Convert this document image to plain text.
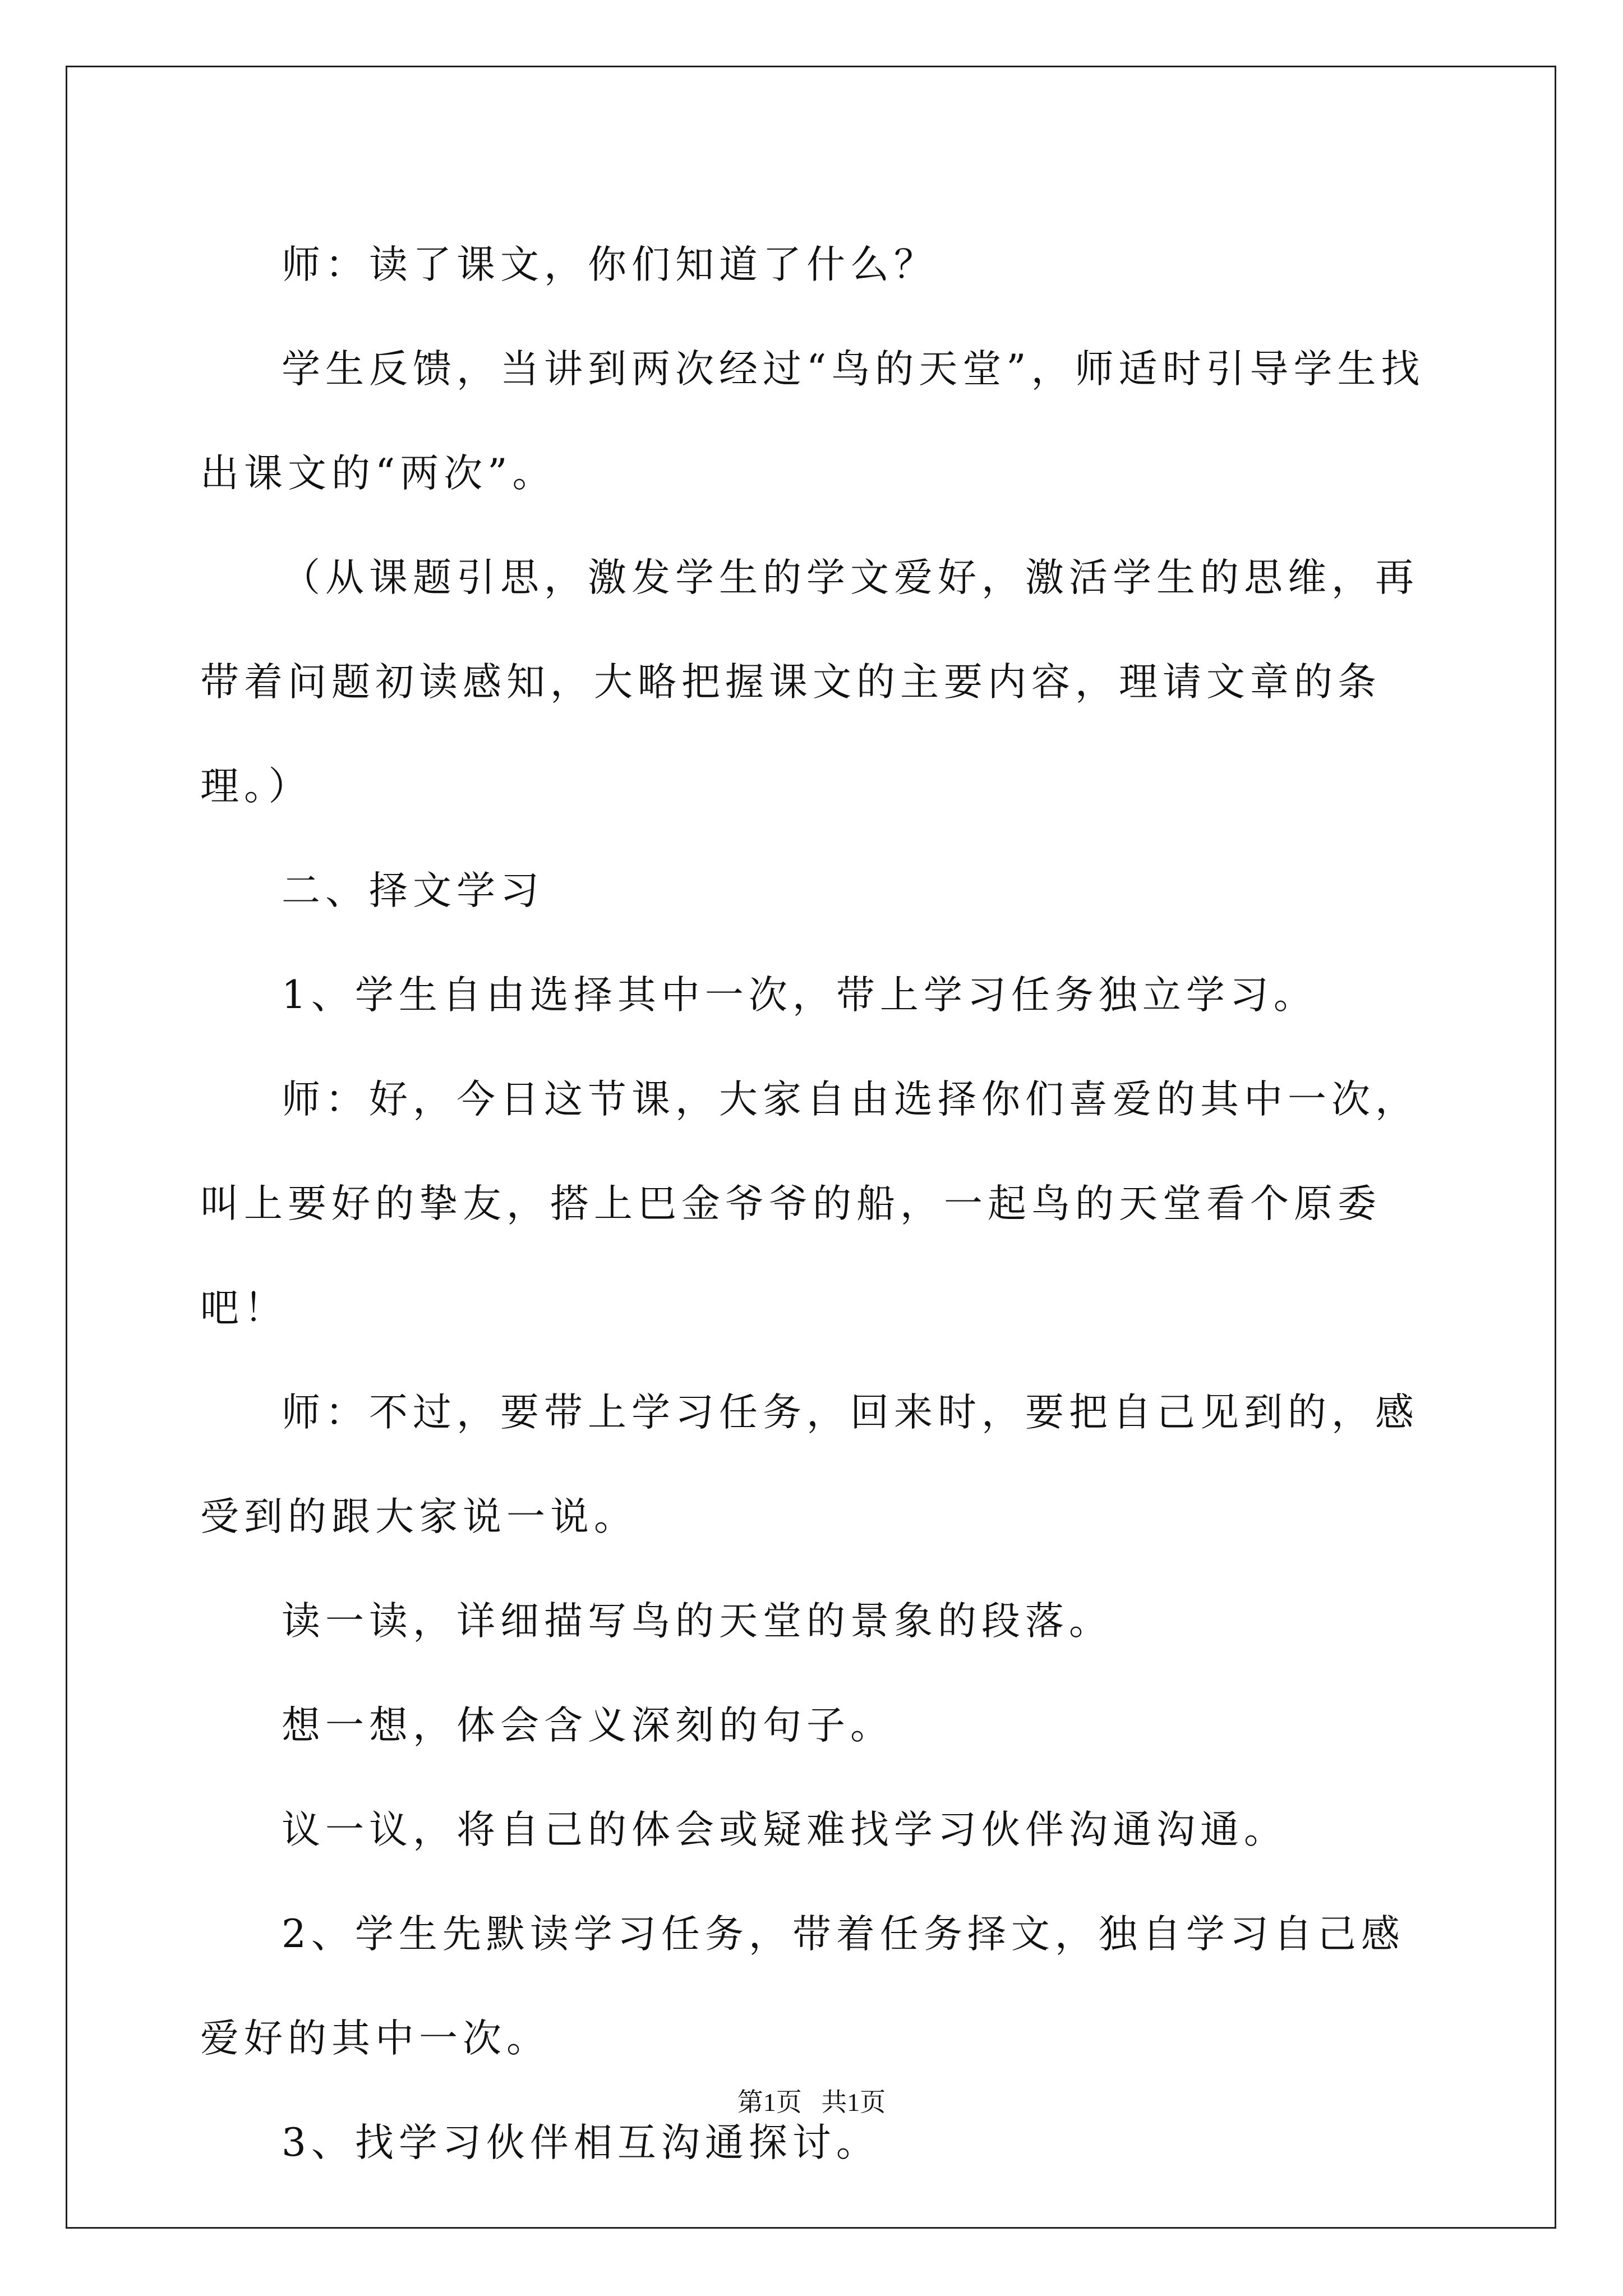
师：读了课文，你们知道了什么？

学生反馈，当讲到两次经过“鸟的天堂”，师适时引导学生找出课文的“两次”。

（从课题引思，激发学生的学文爱好，激活学生的思维，再带着问题初读感知，大略把握课文的主要内容，理请文章的条理。）

二、择文学习

1、学生自由选择其中一次，带上学习任务独立学习。

师：好，今日这节课，大家自由选择你们喜爱的其中一次，叫上要好的挚友，搭上巴金爷爷的船，一起鸟的天堂看个原委吧！

师：不过，要带上学习任务，回来时，要把自己见到的，感受到的跟大家说一说。

读一读，详细描写鸟的天堂的景象的段落。

想一想，体会含义深刻的句子。

议一议，将自己的体会或疑难找学习伙伴沟通沟通。

2、学生先默读学习任务，带着任务择文，独自学习自己感爱好的其中一次。

3、找学习伙伴相互沟通探讨。

第1页 共1页
